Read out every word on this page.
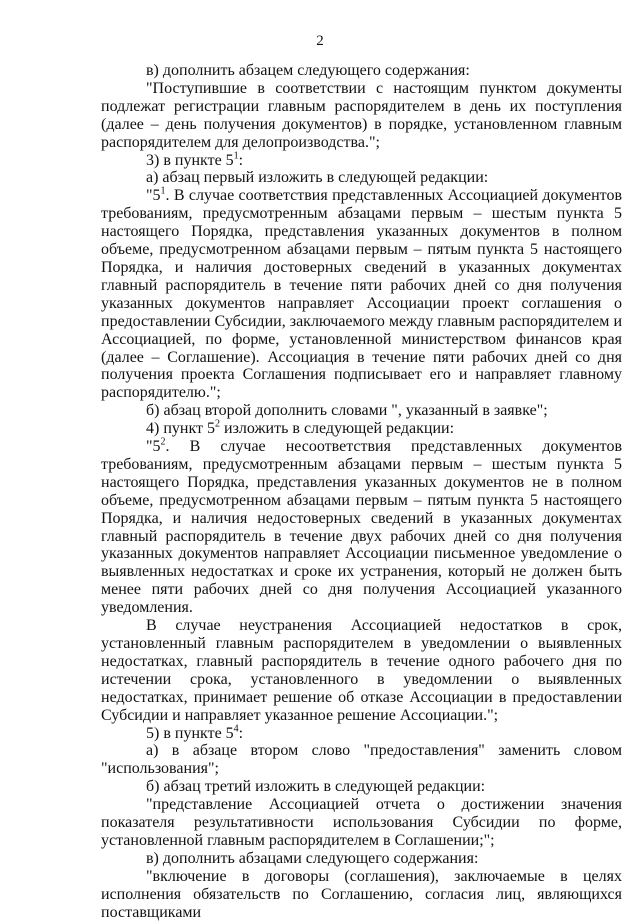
2

в) дополнить абзацем следующего содержания:

"Поступившие в соответствии с настоящим пунктом документы подлежат регистрации главным распорядителем в день их поступления (далее – день получения документов) в порядке, установленном главным распорядителем для делопроизводства.";

3) в пункте $5^1$:

а) абзац первый изложить в следующей редакции:

"$5^1$. В случае соответствия представленных Ассоциацией документов требованиям, предусмотренным абзацами первым – шестым пункта 5 настоящего Порядка, представления указанных документов в полном объеме, предусмотренном абзацами первым – пятым пункта 5 настоящего Порядка, и наличия достоверных сведений в указанных документах главный распорядитель в течение пяти рабочих дней со дня получения указанных документов направляет Ассоциации проект соглашения о предоставлении Субсидии, заключаемого между главным распорядителем и Ассоциацией, по форме, установленной министерством финансов края (далее – Соглашение). Ассоциация в течение пяти рабочих дней со дня получения проекта Соглашения подписывает его и направляет главному распорядителю.";

б) абзац второй дополнить словами ", указанный в заявке";

4) пункт $5^2$ изложить в следующей редакции:

"$5^2$. В случае несоответствия представленных документов требованиям, предусмотренным абзацами первым – шестым пункта 5 настоящего Порядка, представления указанных документов не в полном объеме, предусмотренном абзацами первым – пятым пункта 5 настоящего Порядка, и наличия недостоверных сведений в указанных документах главный распорядитель в течение двух рабочих дней со дня получения указанных документов направляет Ассоциации письменное уведомление о выявленных недостатках и сроке их устранения, который не должен быть менее пяти рабочих дней со дня получения Ассоциацией указанного уведомления.

В случае неустранения Ассоциацией недостатков в срок, установленный главным распорядителем в уведомлении о выявленных недостатках, главный распорядитель в течение одного рабочего дня по истечении срока, установленного в уведомлении о выявленных недостатках, принимает решение об отказе Ассоциации в предоставлении Субсидии и направляет указанное решение Ассоциации.";

5) в пункте $5^4$:

а) в абзаце втором слово "предоставления" заменить словом "использования";

б) абзац третий изложить в следующей редакции:

"представление Ассоциацией отчета о достижении значения показателя результативности использования Субсидии по форме, установленной главным распорядителем в Соглашении;";

в) дополнить абзацами следующего содержания:

"включение в договоры (соглашения), заключаемые в целях исполнения обязательств по Соглашению, согласия лиц, являющихся поставщиками
